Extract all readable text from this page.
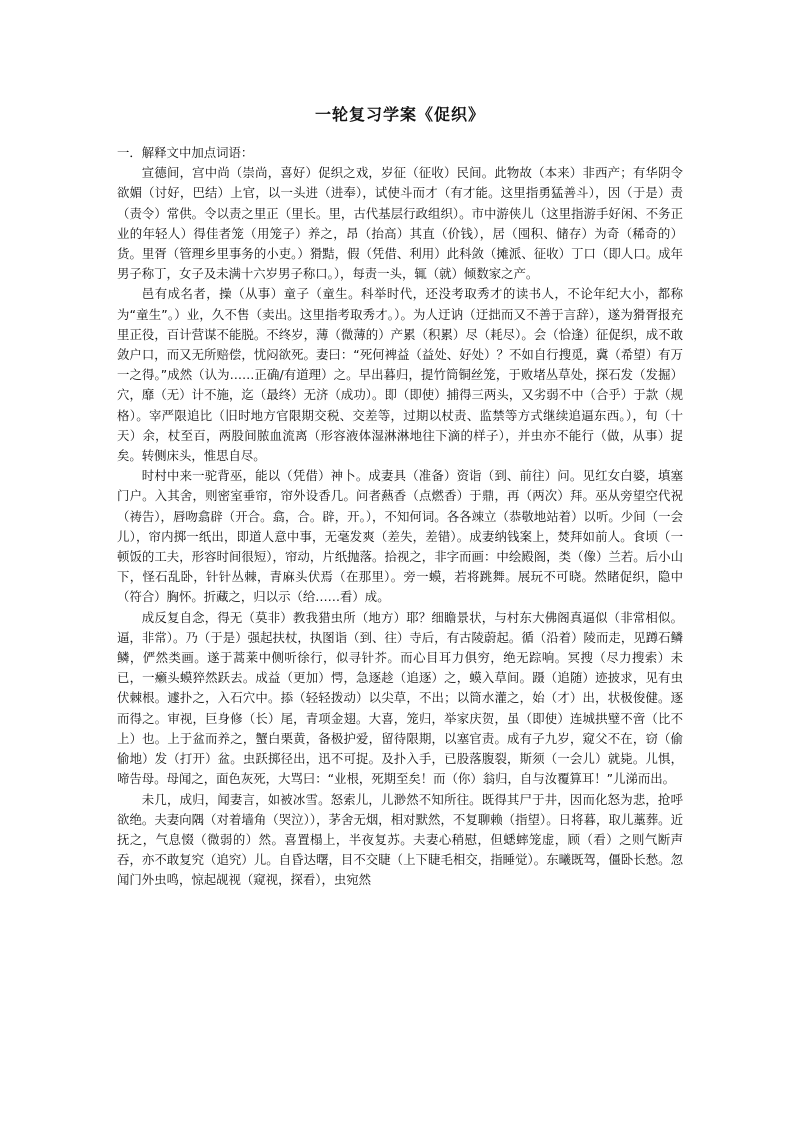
一轮复习学案《促织》

一．解释文中加点词语：

宣德间，宫中尚（崇尚，喜好）促织之戏，岁征（征收）民间。此物故（本来）非西产；有华阴令欲媚（讨好，巴结）上官，以一头进（进奉），试使斗而才（有才能。这里指勇猛善斗），因（于是）责（责令）常供。令以责之里正（里长。里，古代基层行政组织）。市中游侠儿（这里指游手好闲、不务正业的年轻人）得佳者笼（用笼子）养之，昂（抬高）其直（价钱），居（囤积、储存）为奇（稀奇的）货。里胥（管理乡里事务的小吏。）猾黠，假（凭借、利用）此科敛（摊派、征收）丁口（即人口。成年男子称丁，女子及未满十六岁男子称口。），每责一头，辄（就）倾数家之产。

邑有成名者，操（从事）童子（童生。科举时代，还没考取秀才的读书人，不论年纪大小，都称为“童生”。）业，久不售（卖出。这里指考取秀才。）。为人迂讷（迂拙而又不善于言辞），遂为猾胥报充里正役，百计营谋不能脱。不终岁，薄（微薄的）产累（积累）尽（耗尽）。会（恰逢）征促织，成不敢敛户口，而又无所赔偿，忧闷欲死。妻曰：“死何裨益（益处、好处）？不如自行搜觅，冀（希望）有万一之得。”成然（认为……正确/有道理）之。早出暮归，提竹筒铜丝笼，于败堵丛草处，探石发（发掘）穴，靡（无）计不施，迄（最终）无济（成功）。即（即使）捕得三两头，又劣弱不中（合乎）于款（规格）。宰严限追比（旧时地方官限期交税、交差等，过期以杖责、监禁等方式继续追逼东西。），旬（十天）余，杖至百，两股间脓血流离（形容液体湿淋淋地往下滴的样子），并虫亦不能行（做，从事）捉矣。转侧床头，惟思自尽。

时村中来一驼背巫，能以（凭借）神卜。成妻具（准备）资诣（到、前往）问。见红女白婆，填塞门户。入其舍，则密室垂帘，帘外设香几。问者爇香（点燃香）于鼎，再（两次）拜。巫从旁望空代祝（祷告），唇吻翕辟（开合。翕，合。辟，开。），不知何词。各各竦立（恭敬地站着）以听。少间（一会儿），帘内掷一纸出，即道人意中事，无毫发爽（差失，差错）。成妻纳钱案上，焚拜如前人。食顷（一顿饭的工夫，形容时间很短），帘动，片纸抛落。拾视之，非字而画：中绘殿阁，类（像）兰若。后小山下，怪石乱卧，针针丛棘，青麻头伏焉（在那里）。旁一蟆，若将跳舞。展玩不可晓。然睹促织，隐中（符合）胸怀。折藏之，归以示（给……看）成。

成反复自念，得无（莫非）教我猎虫所（地方）耶？细瞻景状，与村东大佛阁真逼似（非常相似。逼，非常）。乃（于是）强起扶杖，执图诣（到、往）寺后，有古陵蔚起。循（沿着）陵而走，见蹲石鳞鳞，俨然类画。遂于蒿莱中侧听徐行，似寻针芥。而心目耳力俱穷，绝无踪响。冥搜（尽力搜索）未已，一癞头蟆猝然跃去。成益（更加）愕，急逐趁（追逐）之，蟆入草间。蹑（追随）迹披求，见有虫伏棘根。遽扑之，入石穴中。掭（轻轻拨动）以尖草，不出；以筒水灌之，始（才）出，状极俊健。逐而得之。审视，巨身修（长）尾，青项金翅。大喜，笼归，举家庆贺，虽（即使）连城拱璧不啻（比不上）也。上于盆而养之，蟹白栗黄，备极护爱，留待限期，以塞官责。成有子九岁，窥父不在，窃（偷偷地）发（打开）盆。虫跃掷径出，迅不可捉。及扑入手，已股落腹裂，斯须（一会儿）就毙。儿惧，啼告母。母闻之，面色灰死，大骂曰：“业根，死期至矣！而（你）翁归，自与汝覆算耳！”儿涕而出。

未几，成归，闻妻言，如被冰雪。怒索儿，儿渺然不知所往。既得其尸于井，因而化怒为悲，抢呼欲绝。夫妻向隅（对着墙角（哭泣）），茅舍无烟，相对默然，不复聊赖（指望）。日将暮，取儿藁葬。近抚之，气息惙（微弱的）然。喜置榻上，半夜复苏。夫妻心稍慰，但蟋蟀笼虚，顾（看）之则气断声吞，亦不敢复究（追究）儿。自昏达曙，目不交睫（上下睫毛相交，指睡觉）。东曦既驾，僵卧长愁。忽闻门外虫鸣，惊起觇视（窥视，探看），虫宛然
